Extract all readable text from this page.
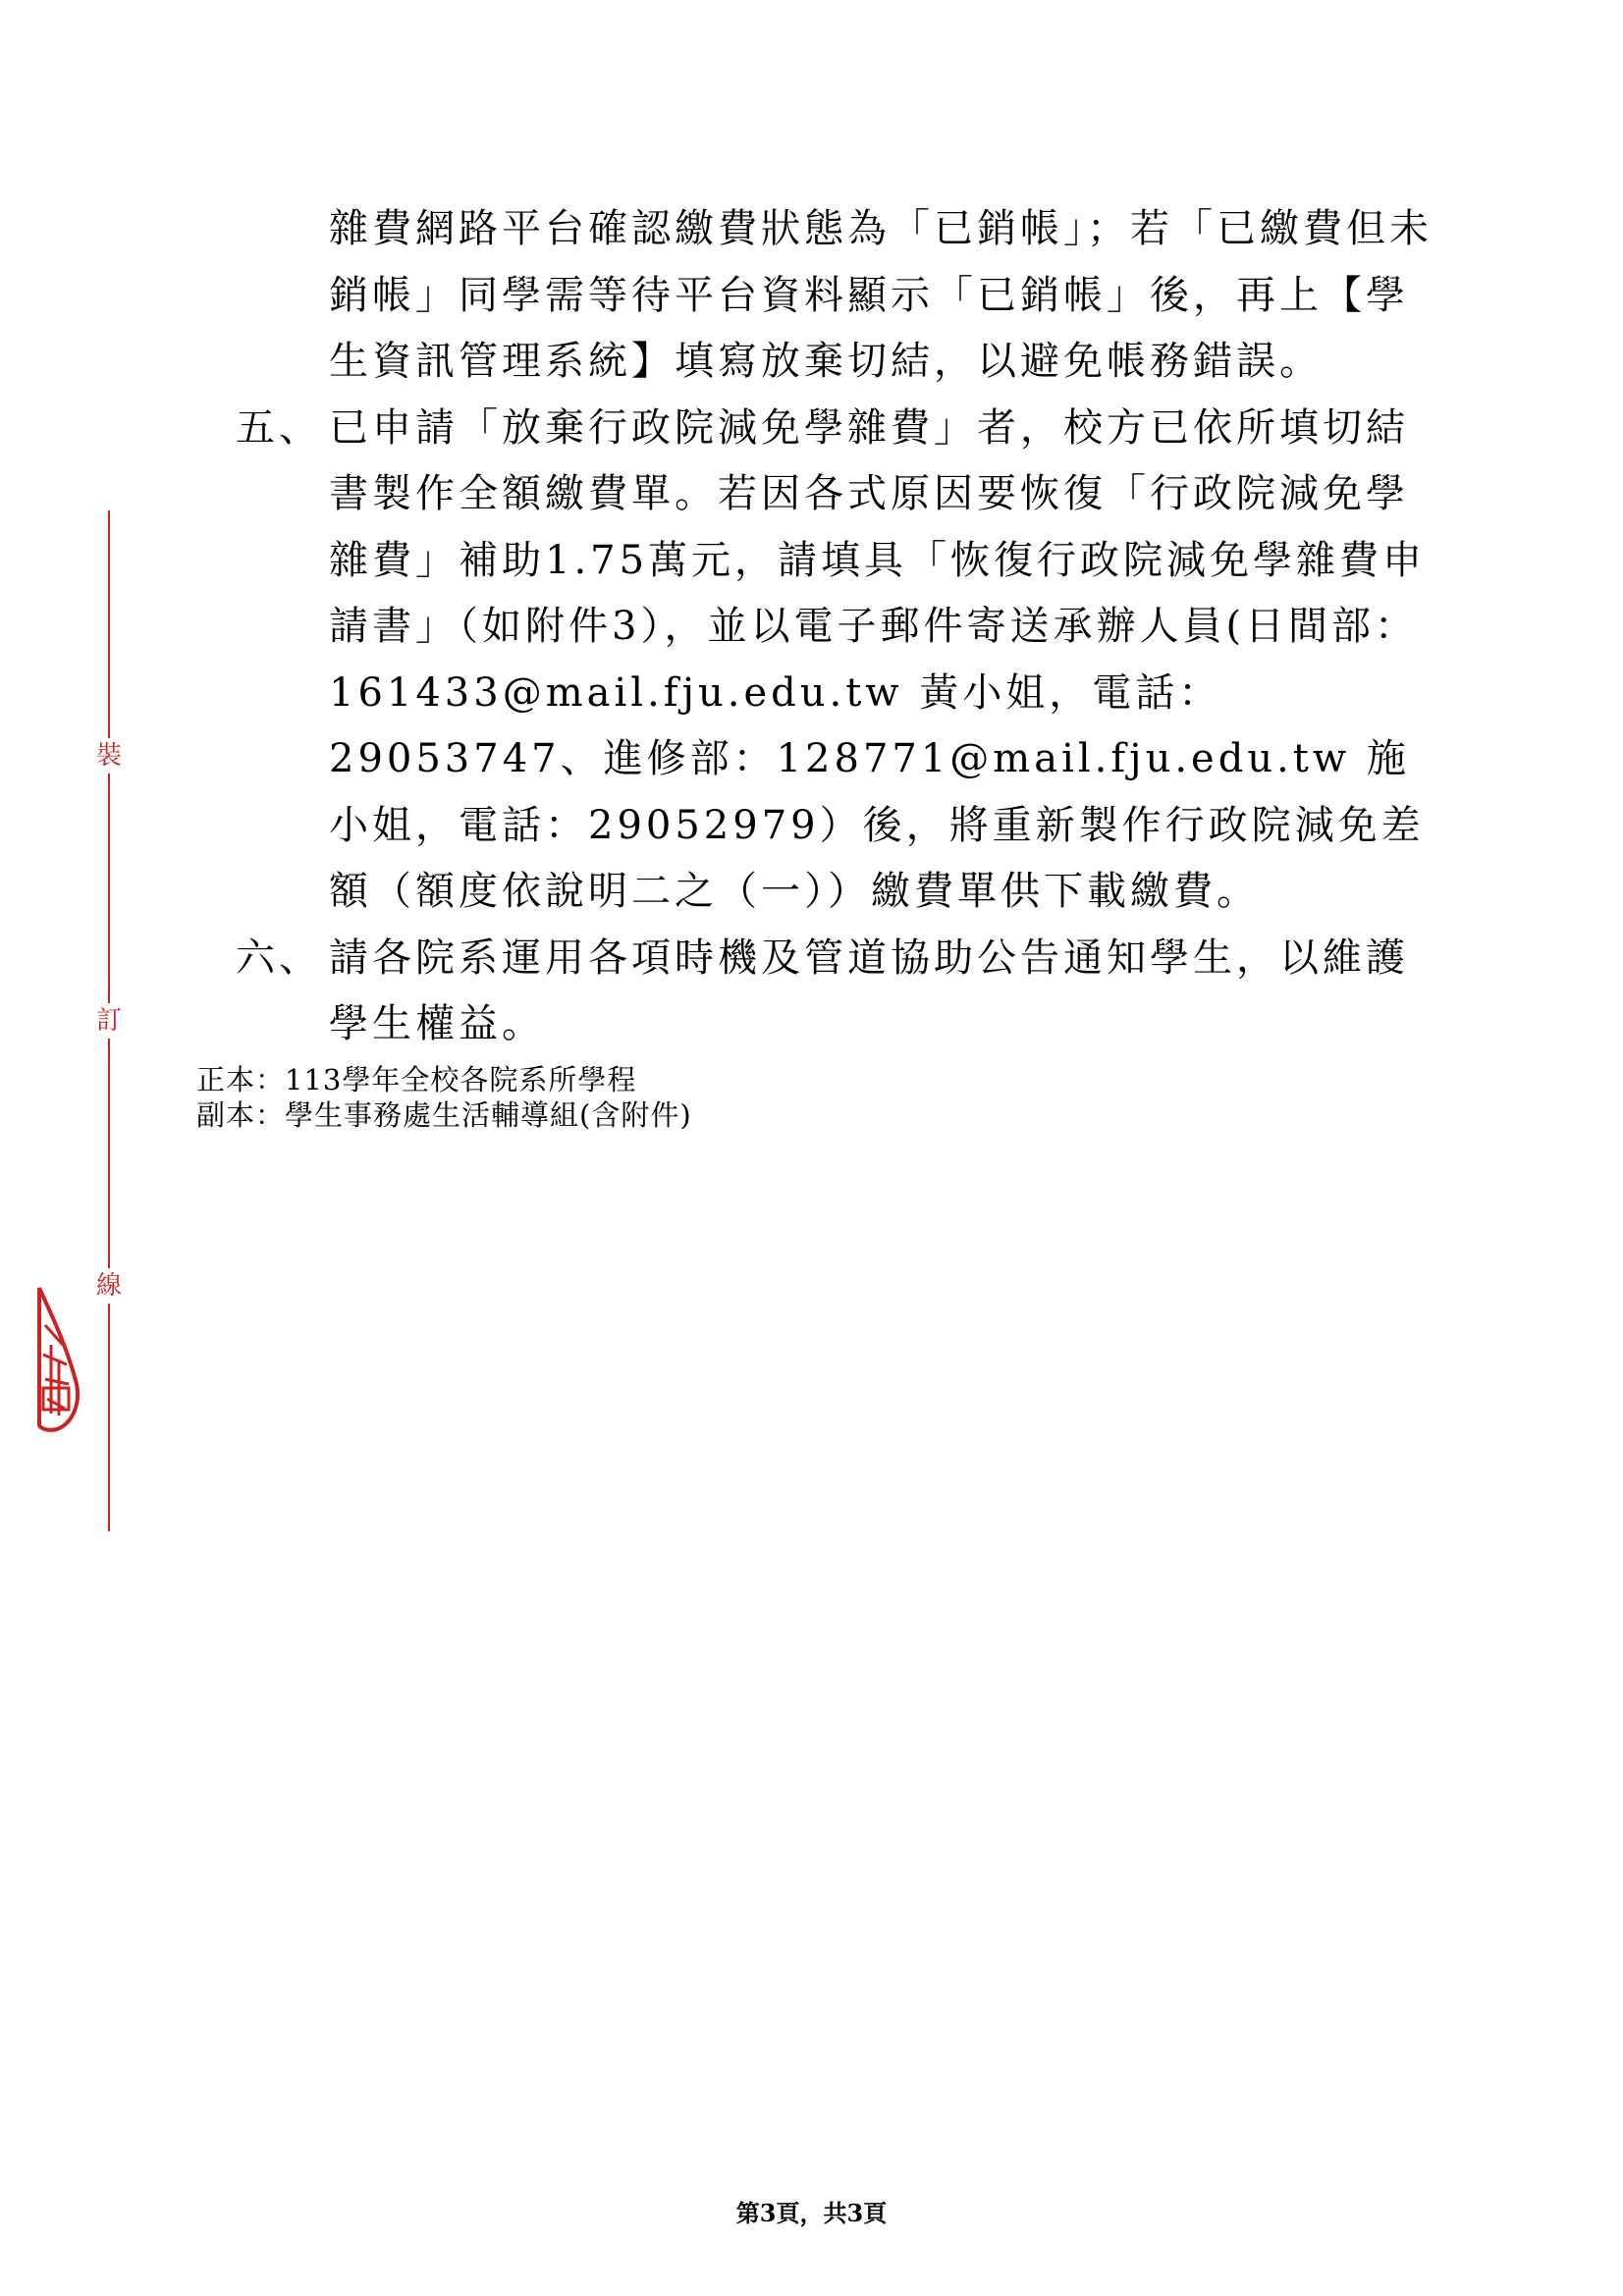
裝
訂
線

雜費網路平台確認繳費狀態為「已銷帳」；若「已繳費但未銷帳」同學需等待平台資料顯示「已銷帳」後，再上【學生資訊管理系統】填寫放棄切結，以避免帳務錯誤。

五、 已申請「放棄行政院減免學雜費」者，校方已依所填切結書製作全額繳費單。若因各式原因要恢復「行政院減免學雜費」補助1.75萬元，請填具「恢復行政院減免學雜費申請書」（如附件3），並以電子郵件寄送承辦人員(日間部：161433@mail.fju.edu.tw 黃小姐，電話：29053747、進修部：128771@mail.fju.edu.tw 施小姐，電話：29052979）後，將重新製作行政院減免差額（額度依說明二之（一））繳費單供下載繳費。

六、 請各院系運用各項時機及管道協助公告通知學生，以維護學生權益。

正本：113學年全校各院系所學程
副本：學生事務處生活輔導組(含附件)
第3頁，共3頁
